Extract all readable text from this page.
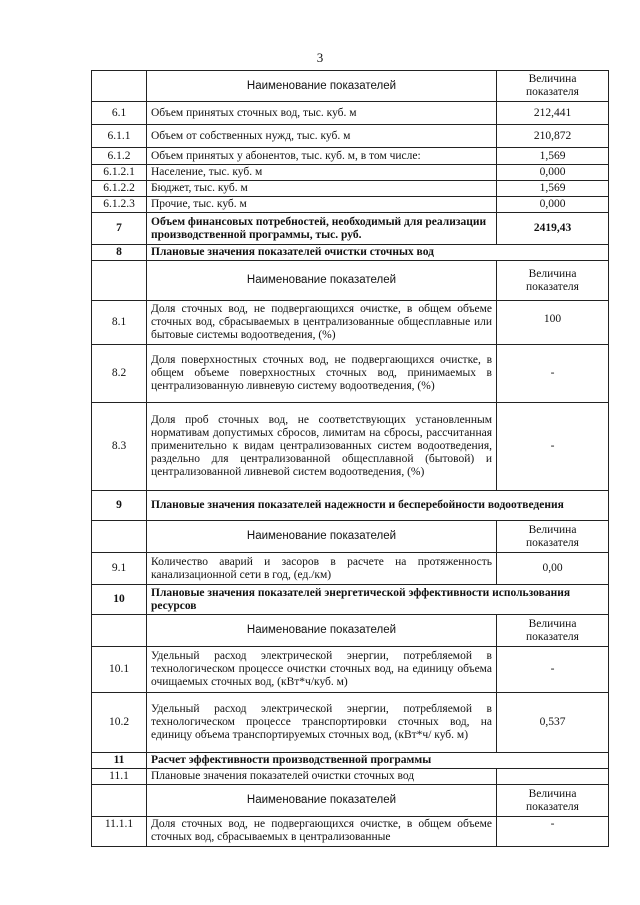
3
	Наименование показателей	Величина показателя
6.1	Объем принятых сточных вод, тыс. куб. м	212,441
6.1.1	Объем от собственных нужд, тыс. куб. м	210,872
6.1.2	Объем принятых у абонентов, тыс. куб. м, в том числе:	1,569
6.1.2.1	Население, тыс. куб. м	0,000
6.1.2.2	Бюджет, тыс. куб. м	1,569
6.1.2.3	Прочие, тыс. куб. м	0,000
7	Объем финансовых потребностей, необходимый для реализации производственной программы, тыс. руб.	2419,43
8	Плановые значения показателей очистки сточных вод	
	Наименование показателей	Величина показателя
8.1	Доля сточных вод, не подвергающихся очистке, в общем объеме сточных вод, сбрасываемых в централизованные общесплавные или бытовые системы водоотведения, (%)	100
8.2	Доля поверхностных сточных вод, не подвергающихся очистке, в общем объеме поверхностных сточных вод, принимаемых в централизованную ливневую систему водоотведения, (%)	-
8.3	Доля проб сточных вод, не соответствующих установленным нормативам допустимых сбросов, лимитам на сбросы, рассчитанная применительно к видам централизованных систем водоотведения, раздельно для централизованной общесплавной (бытовой) и централизованной ливневой систем водоотведения, (%)	-
9	Плановые значения показателей надежности и бесперебойности водоотведения	
	Наименование показателей	Величина показателя
9.1	Количество аварий и засоров в расчете на протяженность канализационной сети в год, (ед./км)	0,00
10	Плановые значения показателей энергетической эффективности использования ресурсов	
	Наименование показателей	Величина показателя
10.1	Удельный расход электрической энергии, потребляемой в технологическом процессе очистки сточных вод, на единицу объема очищаемых сточных вод, (кВт*ч/куб. м)	-
10.2	Удельный расход электрической энергии, потребляемой в технологическом процессе транспортировки сточных вод, на единицу объема транспортируемых сточных вод, (кВт*ч/ куб. м)	0,537
11	Расчет эффективности производственной программы	
11.1	Плановые значения показателей очистки сточных вод	
	Наименование показателей	Величина показателя
11.1.1	Доля сточных вод, не подвергающихся очистке, в общем объеме сточных вод, сбрасываемых в централизованные	-
